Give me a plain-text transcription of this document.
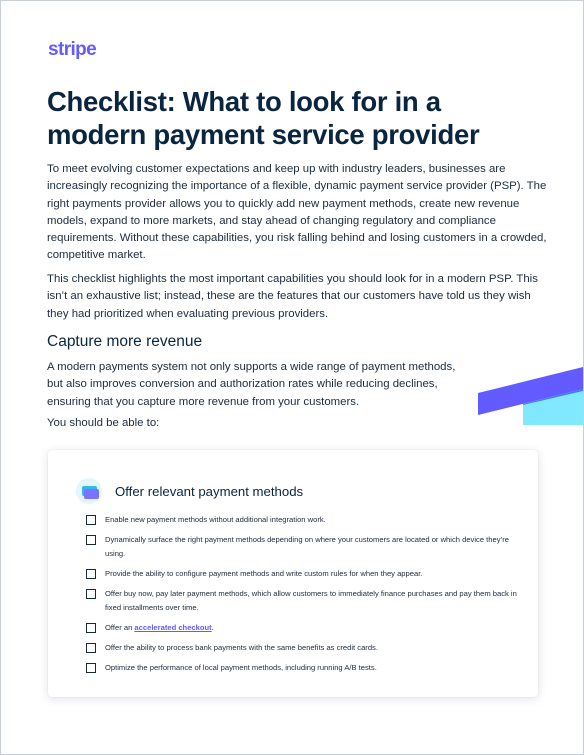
stripe
Checklist: What to look for in a modern payment service provider

To meet evolving customer expectations and keep up with industry leaders, businesses are increasingly recognizing the importance of a flexible, dynamic payment service provider (PSP). The right payments provider allows you to quickly add new payment methods, create new revenue models, expand to more markets, and stay ahead of changing regulatory and compliance requirements. Without these capabilities, you risk falling behind and losing customers in a crowded, competitive market.

This checklist highlights the most important capabilities you should look for in a modern PSP. This isn’t an exhaustive list; instead, these are the features that our customers have told us they wish they had prioritized when evaluating previous providers.

Capture more revenue

A modern payments system not only supports a wide range of payment methods, but also improves conversion and authorization rates while reducing declines, ensuring that you capture more revenue from your customers.

You should be able to:

Offer relevant payment methods
Enable new payment methods without additional integration work.
Dynamically surface the right payment methods depending on where your customers are located or which device they’re using.
Provide the ability to configure payment methods and write custom rules for when they appear.
Offer buy now, pay later payment methods, which allow customers to immediately finance purchases and pay them back in fixed installments over time.
Offer an accelerated checkout.
Offer the ability to process bank payments with the same benefits as credit cards.
Optimize the performance of local payment methods, including running A/B tests.
